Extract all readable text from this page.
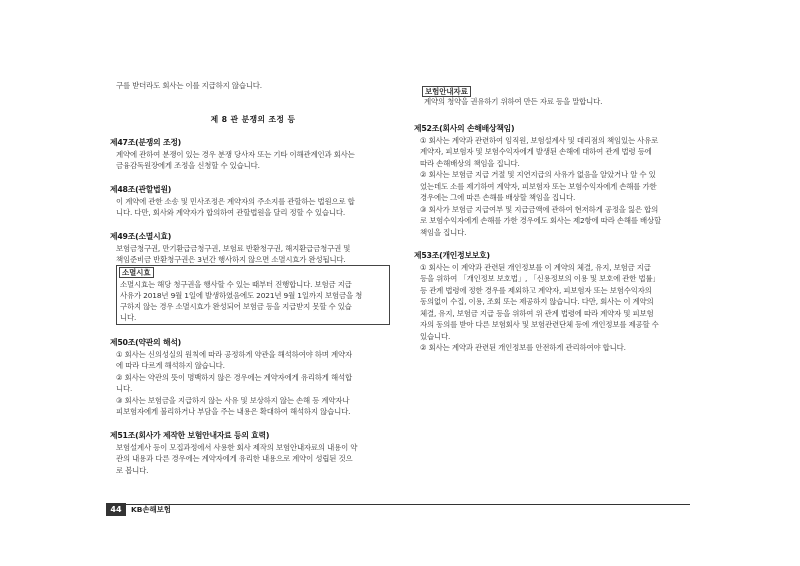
구를 받더라도 회사는 이를 지급하지 않습니다.
제 8 관 분쟁의 조정 등
제47조(분쟁의 조정)
계약에 관하여 분쟁이 있는 경우 분쟁 당사자 또는 기타 이해관계인과 회사는
금융감독원장에게 조정을 신청할 수 있습니다.
제48조(관할법원)
이 계약에 관한 소송 및 민사조정은 계약자의 주소지를 관할하는 법원으로 합
니다. 다만, 회사와 계약자가 합의하여 관할법원을 달리 정할 수 있습니다.
제49조(소멸시효)
보험금청구권, 만기환급금청구권, 보험료 반환청구권, 해지환급금청구권 및
책임준비금 반환청구권은 3년간 행사하지 않으면 소멸시효가 완성됩니다.
소멸시효
소멸시효는 해당 청구권을 행사할 수 있는 때부터 진행합니다. 보험금 지급
사유가 2018년 9월 1일에 발생하였음에도 2021년 9월 1일까지 보험금을 청
구하지 않는 경우 소멸시효가 완성되어 보험금 등을 지급받지 못할 수 있습
니다.
제50조(약관의 해석)
① 회사는 신의성실의 원칙에 따라 공정하게 약관을 해석하여야 하며 계약자
에 따라 다르게 해석하지 않습니다.
② 회사는 약관의 뜻이 명백하지 않은 경우에는 계약자에게 유리하게 해석합
니다.
③ 회사는 보험금을 지급하지 않는 사유 및 보상하지 않는 손해 등 계약자나
피보험자에게 불리하거나 부담을 주는 내용은 확대하여 해석하지 않습니다.
제51조(회사가 제작한 보험안내자료 등의 효력)
보험설계사 등이 모집과정에서 사용한 회사 제작의 보험안내자료의 내용이 약
관의 내용과 다른 경우에는 계약자에게 유리한 내용으로 계약이 성립된 것으
로 봅니다.
보험안내자료
계약의 청약을 권유하기 위하여 만든 자료 등을 말합니다.
제52조(회사의 손해배상책임)
① 회사는 계약과 관련하여 임직원, 보험설계사 및 대리점의 책임있는 사유로
계약자, 피보험자 및 보험수익자에게 발생된 손해에 대하여 관계 법령 등에
따라 손해배상의 책임을 집니다.
② 회사는 보험금 지급 거절 및 지연지급의 사유가 없음을 알았거나 알 수 있
었는데도 소를 제기하여 계약자, 피보험자 또는 보험수익자에게 손해를 가한
경우에는 그에 따른 손해를 배상할 책임을 집니다.
③ 회사가 보험금 지급여부 및 지급금액에 관하여 현저하게 공정을 잃은 합의
로 보험수익자에게 손해를 가한 경우에도 회사는 제2항에 따라 손해를 배상할
책임을 집니다.
제53조(개인정보보호)
① 회사는 이 계약과 관련된 개인정보를 이 계약의 체결, 유지, 보험금 지급
등을 위하여 「개인정보 보호법」, 「신용정보의 이용 및 보호에 관한 법률」
등 관계 법령에 정한 경우를 제외하고 계약자, 피보험자 또는 보험수익자의
동의없이 수집, 이용, 조회 또는 제공하지 않습니다. 다만, 회사는 이 계약의
체결, 유지, 보험금 지급 등을 위하여 위 관계 법령에 따라 계약자 및 피보험
자의 동의를 받아 다른 보험회사 및 보험관련단체 등에 개인정보를 제공할 수
있습니다.
② 회사는 계약과 관련된 개인정보를 안전하게 관리하여야 합니다.
44	KB손해보험
